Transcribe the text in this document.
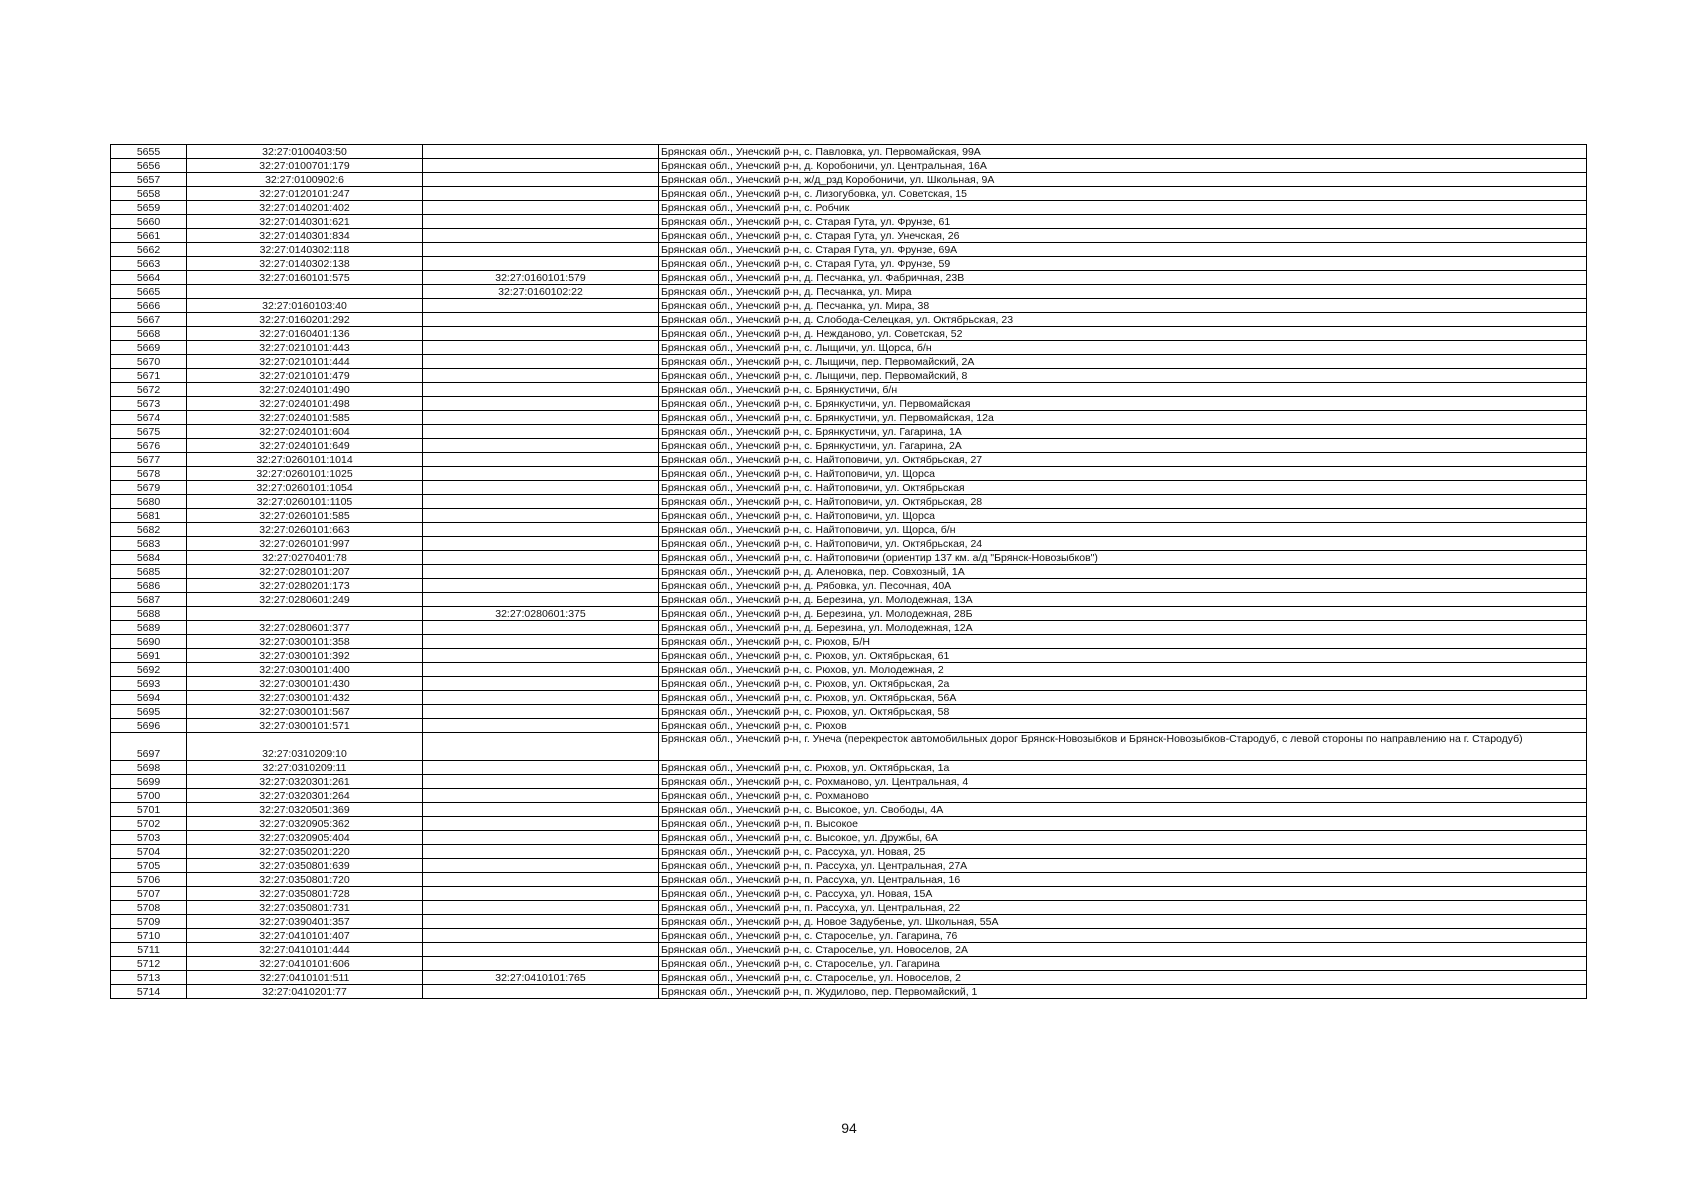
5655	32:27:0100403:50		Брянская обл., Унечский р-н, с. Павловка, ул. Первомайская, 99А
5656	32:27:0100701:179		Брянская обл., Унечский р-н, д. Коробоничи, ул. Центральная, 16А
5657	32:27:0100902:6		Брянская обл., Унечский р-н, ж/д_рзд Коробоничи, ул. Школьная, 9А
5658	32:27:0120101:247		Брянская обл., Унечский р-н, с. Лизогубовка, ул. Советская, 15
5659	32:27:0140201:402		Брянская обл., Унечский р-н, с. Робчик
5660	32:27:0140301:621		Брянская обл., Унечский р-н, с. Старая Гута, ул. Фрунзе, 61
5661	32:27:0140301:834		Брянская обл., Унечский р-н, с. Старая Гута, ул. Унечская, 26
5662	32:27:0140302:118		Брянская обл., Унечский р-н, с. Старая Гута, ул. Фрунзе, 69А
5663	32:27:0140302:138		Брянская обл., Унечский р-н, с. Старая Гута, ул. Фрунзе, 59
5664	32:27:0160101:575	32:27:0160101:579	Брянская обл., Унечский р-н, д. Песчанка, ул. Фабричная, 23В
5665		32:27:0160102:22	Брянская обл., Унечский р-н, д. Песчанка, ул. Мира
5666	32:27:0160103:40		Брянская обл., Унечский р-н, д. Песчанка, ул. Мира, 38
5667	32:27:0160201:292		Брянская обл., Унечский р-н, д. Слобода-Селецкая, ул. Октябрьская, 23
5668	32:27:0160401:136		Брянская обл., Унечский р-н, д. Нежданово, ул. Советская, 52
5669	32:27:0210101:443		Брянская обл., Унечский р-н, с. Лыщичи, ул. Щорса, б/н
5670	32:27:0210101:444		Брянская обл., Унечский р-н, с. Лыщичи, пер. Первомайский, 2А
5671	32:27:0210101:479		Брянская обл., Унечский р-н, с. Лыщичи, пер. Первомайский, 8
5672	32:27:0240101:490		Брянская обл., Унечский р-н, с. Брянкустичи, б/н
5673	32:27:0240101:498		Брянская обл., Унечский р-н, с. Брянкустичи, ул. Первомайская
5674	32:27:0240101:585		Брянская обл., Унечский р-н, с. Брянкустичи, ул. Первомайская, 12а
5675	32:27:0240101:604		Брянская обл., Унечский р-н, с. Брянкустичи, ул. Гагарина, 1А
5676	32:27:0240101:649		Брянская обл., Унечский р-н, с. Брянкустичи, ул. Гагарина, 2А
5677	32:27:0260101:1014		Брянская обл., Унечский р-н, с. Найтоповичи, ул. Октябрьская, 27
5678	32:27:0260101:1025		Брянская обл., Унечский р-н, с. Найтоповичи, ул. Щорса
5679	32:27:0260101:1054		Брянская обл., Унечский р-н, с. Найтоповичи, ул. Октябрьская
5680	32:27:0260101:1105		Брянская обл., Унечский р-н, с. Найтоповичи, ул. Октябрьская, 28
5681	32:27:0260101:585		Брянская обл., Унечский р-н, с. Найтоповичи, ул. Щорса
5682	32:27:0260101:663		Брянская обл., Унечский р-н, с. Найтоповичи, ул. Щорса, б/н
5683	32:27:0260101:997		Брянская обл., Унечский р-н, с. Найтоповичи, ул. Октябрьская, 24
5684	32:27:0270401:78		Брянская обл., Унечский р-н, с. Найтоповичи (ориентир 137 км. а/д "Брянск-Новозыбков")
5685	32:27:0280101:207		Брянская обл., Унечский р-н, д. Аленовка, пер. Совхозный, 1А
5686	32:27:0280201:173		Брянская обл., Унечский р-н, д. Рябовка, ул. Песочная, 40А
5687	32:27:0280601:249		Брянская обл., Унечский р-н, д. Березина, ул. Молодежная, 13А
5688		32:27:0280601:375	Брянская обл., Унечский р-н, д. Березина, ул. Молодежная, 28Б
5689	32:27:0280601:377		Брянская обл., Унечский р-н, д. Березина, ул. Молодежная, 12А
5690	32:27:0300101:358		Брянская обл., Унечский р-н, с. Рюхов, Б/Н
5691	32:27:0300101:392		Брянская обл., Унечский р-н, с. Рюхов, ул. Октябрьская, 61
5692	32:27:0300101:400		Брянская обл., Унечский р-н, с. Рюхов, ул. Молодежная, 2
5693	32:27:0300101:430		Брянская обл., Унечский р-н, с. Рюхов, ул. Октябрьская, 2а
5694	32:27:0300101:432		Брянская обл., Унечский р-н, с. Рюхов, ул. Октябрьская, 56А
5695	32:27:0300101:567		Брянская обл., Унечский р-н, с. Рюхов, ул. Октябрьская, 58
5696	32:27:0300101:571		Брянская обл., Унечский р-н, с. Рюхов
5697	32:27:0310209:10		Брянская обл., Унечский р-н, г. Унеча (перекресток автомобильных дорог Брянск-Новозыбков и Брянск-Новозыбков-Стародуб, с левой стороны по направлению на г. Стародуб)
5698	32:27:0310209:11		Брянская обл., Унечский р-н, с. Рюхов, ул. Октябрьская, 1а
5699	32:27:0320301:261		Брянская обл., Унечский р-н, с. Рохманово, ул. Центральная, 4
5700	32:27:0320301:264		Брянская обл., Унечский р-н, с. Рохманово
5701	32:27:0320501:369		Брянская обл., Унечский р-н, с. Высокое, ул. Свободы, 4А
5702	32:27:0320905:362		Брянская обл., Унечский р-н, п. Высокое
5703	32:27:0320905:404		Брянская обл., Унечский р-н, с. Высокое, ул. Дружбы, 6А
5704	32:27:0350201:220		Брянская обл., Унечский р-н, с. Рассуха, ул. Новая, 25
5705	32:27:0350801:639		Брянская обл., Унечский р-н, п. Рассуха, ул. Центральная, 27А
5706	32:27:0350801:720		Брянская обл., Унечский р-н, п. Рассуха, ул. Центральная, 16
5707	32:27:0350801:728		Брянская обл., Унечский р-н, с. Рассуха, ул. Новая, 15А
5708	32:27:0350801:731		Брянская обл., Унечский р-н, п. Рассуха, ул. Центральная, 22
5709	32:27:0390401:357		Брянская обл., Унечский р-н, д. Новое Задубенье, ул. Школьная, 55А
5710	32:27:0410101:407		Брянская обл., Унечский р-н, с. Староселье, ул. Гагарина, 76
5711	32:27:0410101:444		Брянская обл., Унечский р-н, с. Староселье, ул. Новоселов, 2А
5712	32:27:0410101:606		Брянская обл., Унечский р-н, с. Староселье, ул. Гагарина
5713	32:27:0410101:511	32:27:0410101:765	Брянская обл., Унечский р-н, с. Староселье, ул. Новоселов, 2
5714	32:27:0410201:77		Брянская обл., Унечский р-н, п. Жудилово, пер. Первомайский, 1
94
